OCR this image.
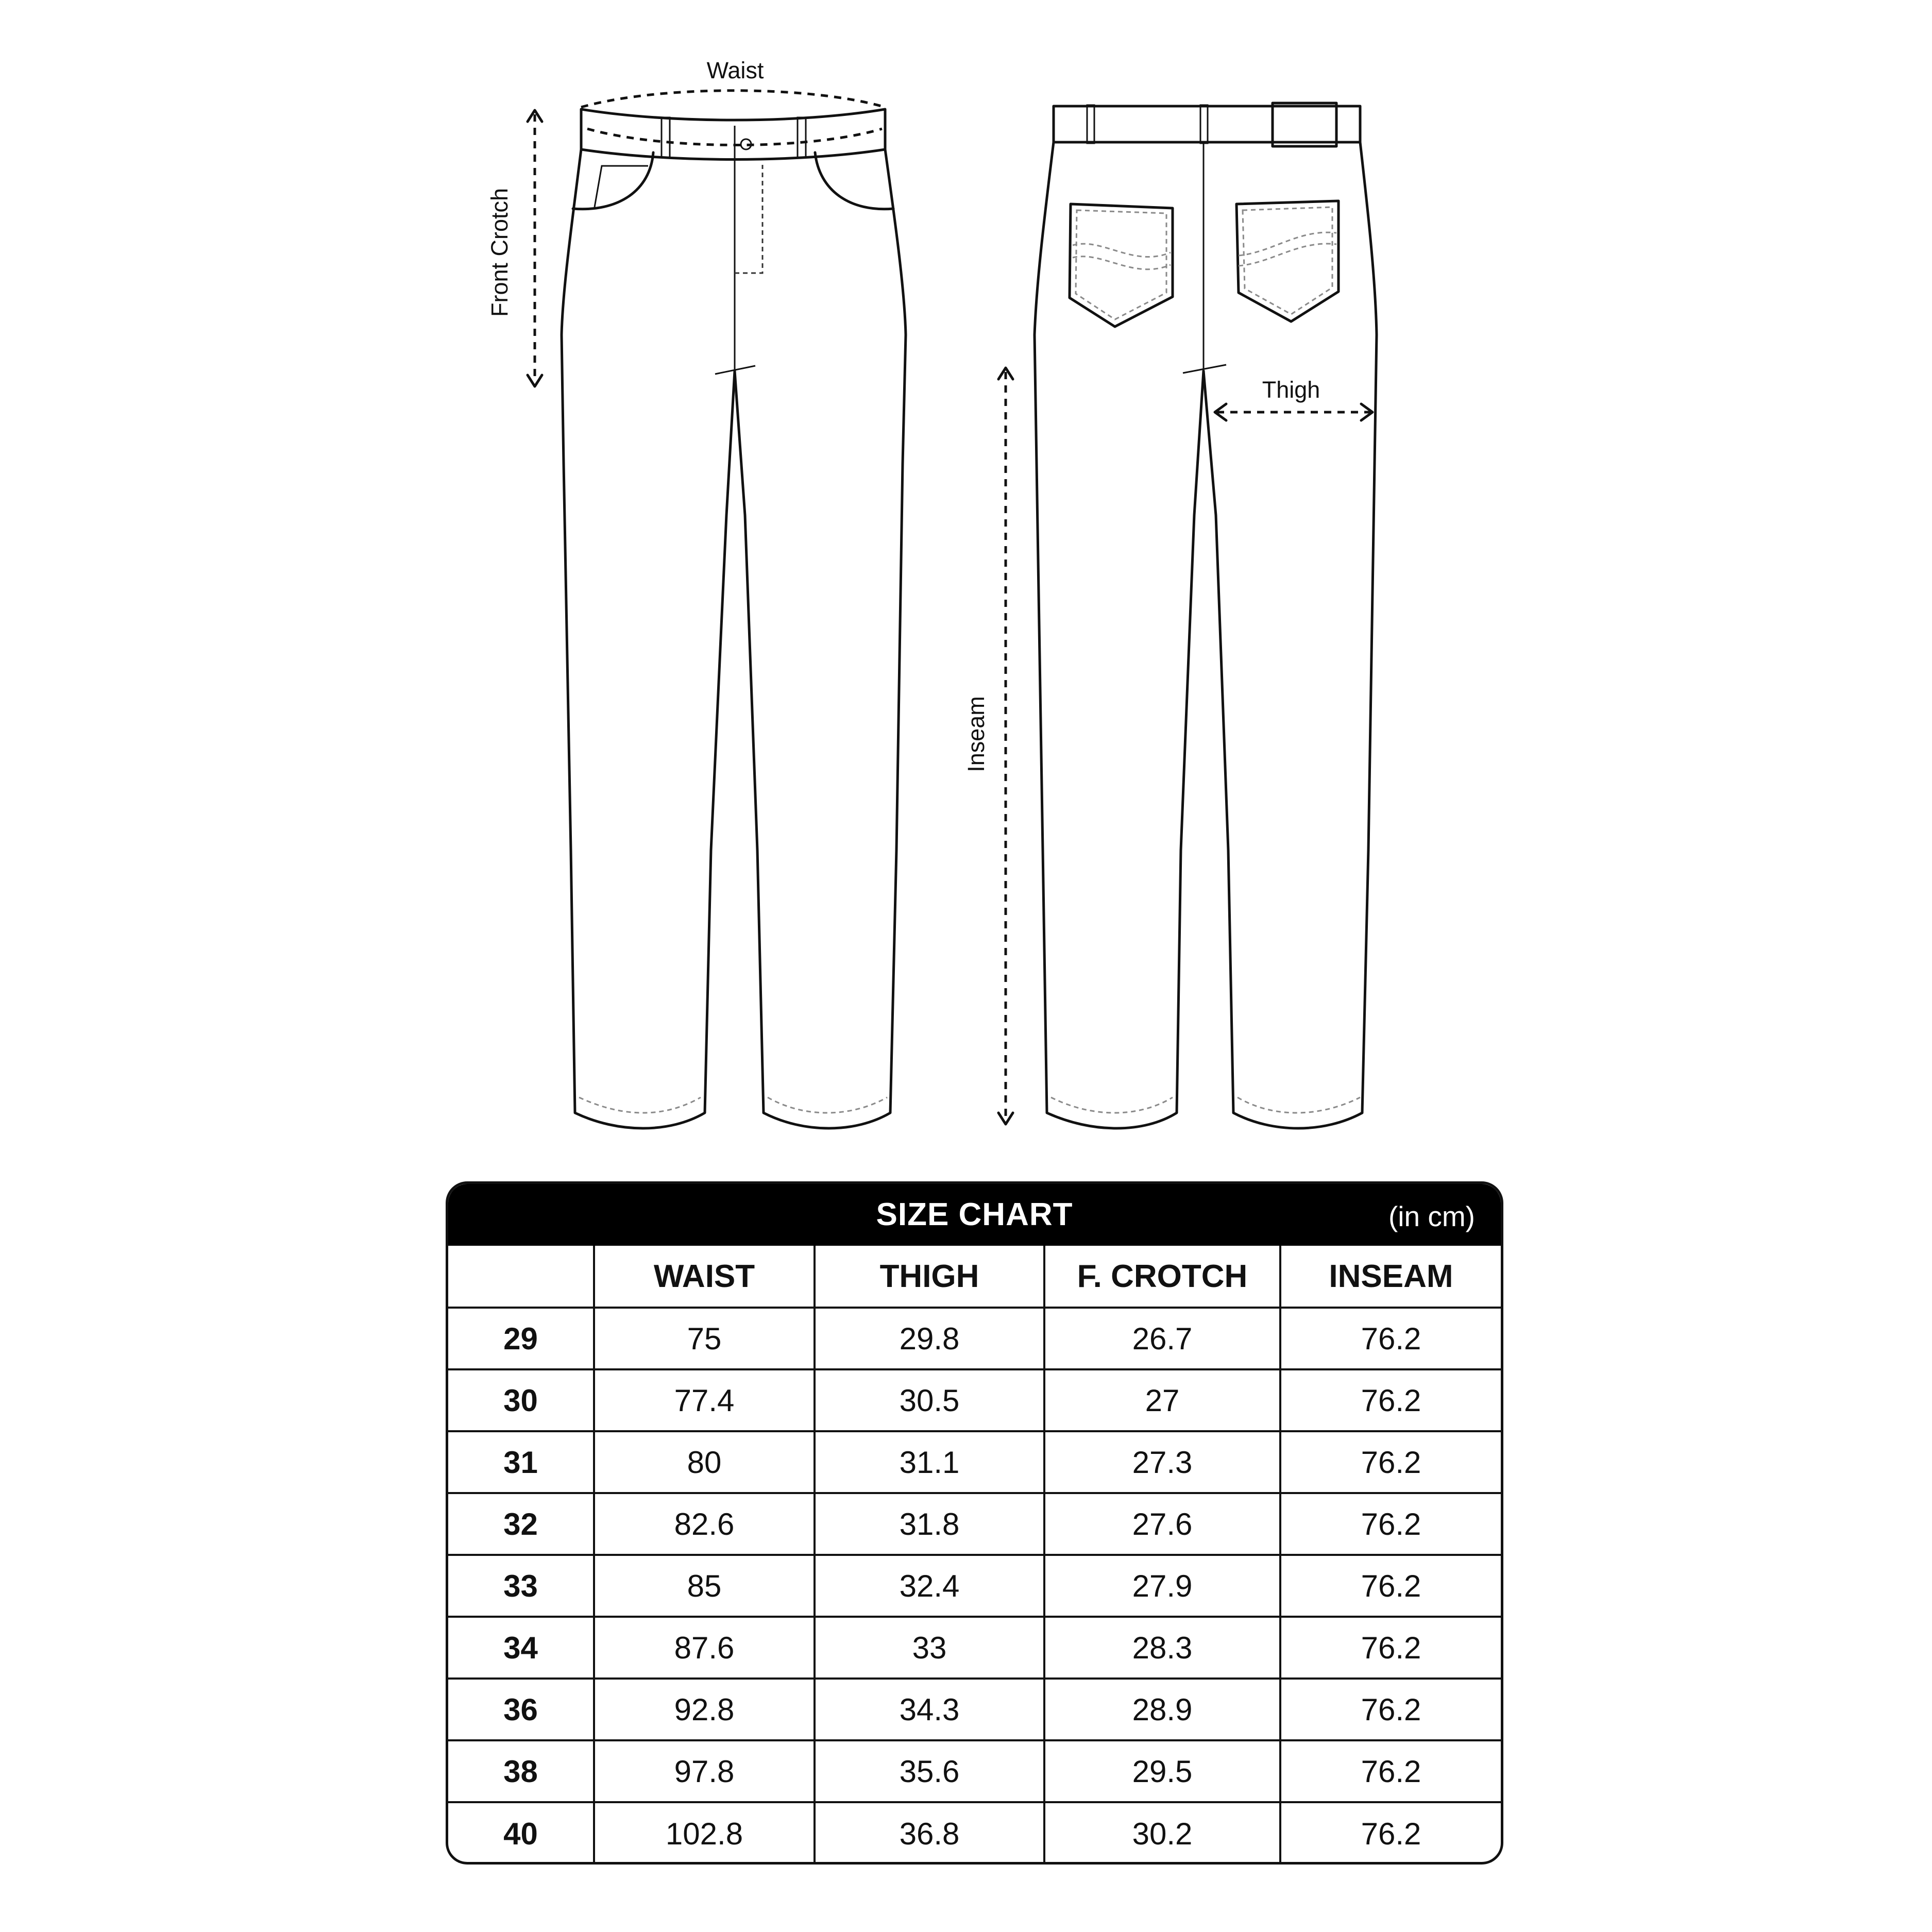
Waist
Front Crotch
Thigh
Inseam
SIZE CHART	(in cm)
	WAIST	THIGH	F. CROTCH	INSEAM
29	75	29.8	26.7	76.2
30	77.4	30.5	27	76.2
31	80	31.1	27.3	76.2
32	82.6	31.8	27.6	76.2
33	85	32.4	27.9	76.2
34	87.6	33	28.3	76.2
36	92.8	34.3	28.9	76.2
38	97.8	35.6	29.5	76.2
40	102.8	36.8	30.2	76.2
